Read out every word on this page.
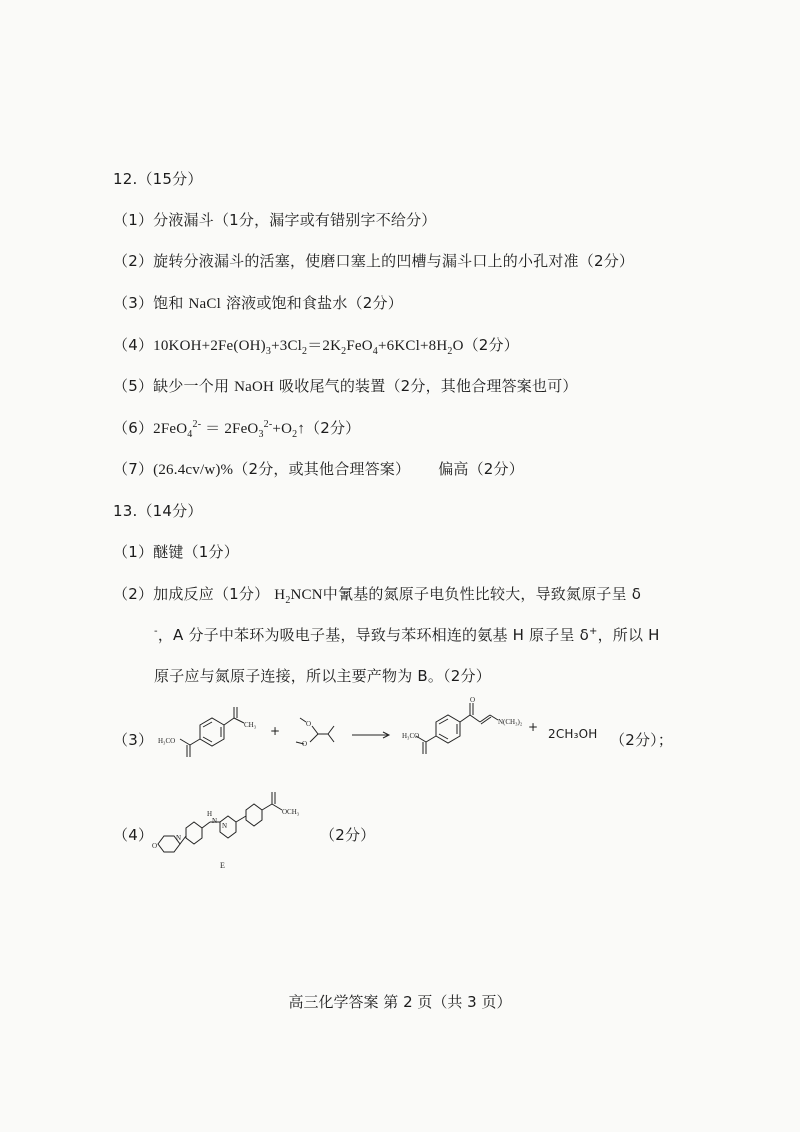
12.（15分）
（1）分液漏斗（1分，漏字或有错别字不给分）
（2）旋转分液漏斗的活塞，使磨口塞上的凹槽与漏斗口上的小孔对准（2分）
（3）饱和 NaCl 溶液或饱和食盐水（2分）
$(4)10KOH+2Fe(OH)_3+3Cl_2=2K_2FeO_4+6KCl+8H_2O(2$分）
（5）缺少一个用 NaOH 吸收尾气的装置（2分，其他合理答案也可）
$(6)2FeO_4^{2-} = 2FeO_3^{2-}+O_2↑(2$分）
（7）(26.4cv/w)%（2分，或其他合理答案） 偏高（2分）
13.（14分）
（1）醚键（1分）
（2）加成反应（1分） $H_2NCN$中氰基的氮原子电负性比较大，导致氮原子呈 δ
-，A 分子中苯环为吸电子基，导致与苯环相连的氨基 H 原子呈 δ+，所以 H
原子应与氮原子连接，所以主要产物为 B。（2分）
（3） H₃CO
CH₃ +	O
O
O
H₃CO
N(CH₃)₂ + 2CH₃OH （2分）；
（4）
O
N
H
N
N
OCH₃
E
（2分）
高三化学答案 第 2 页（共 3 页）
